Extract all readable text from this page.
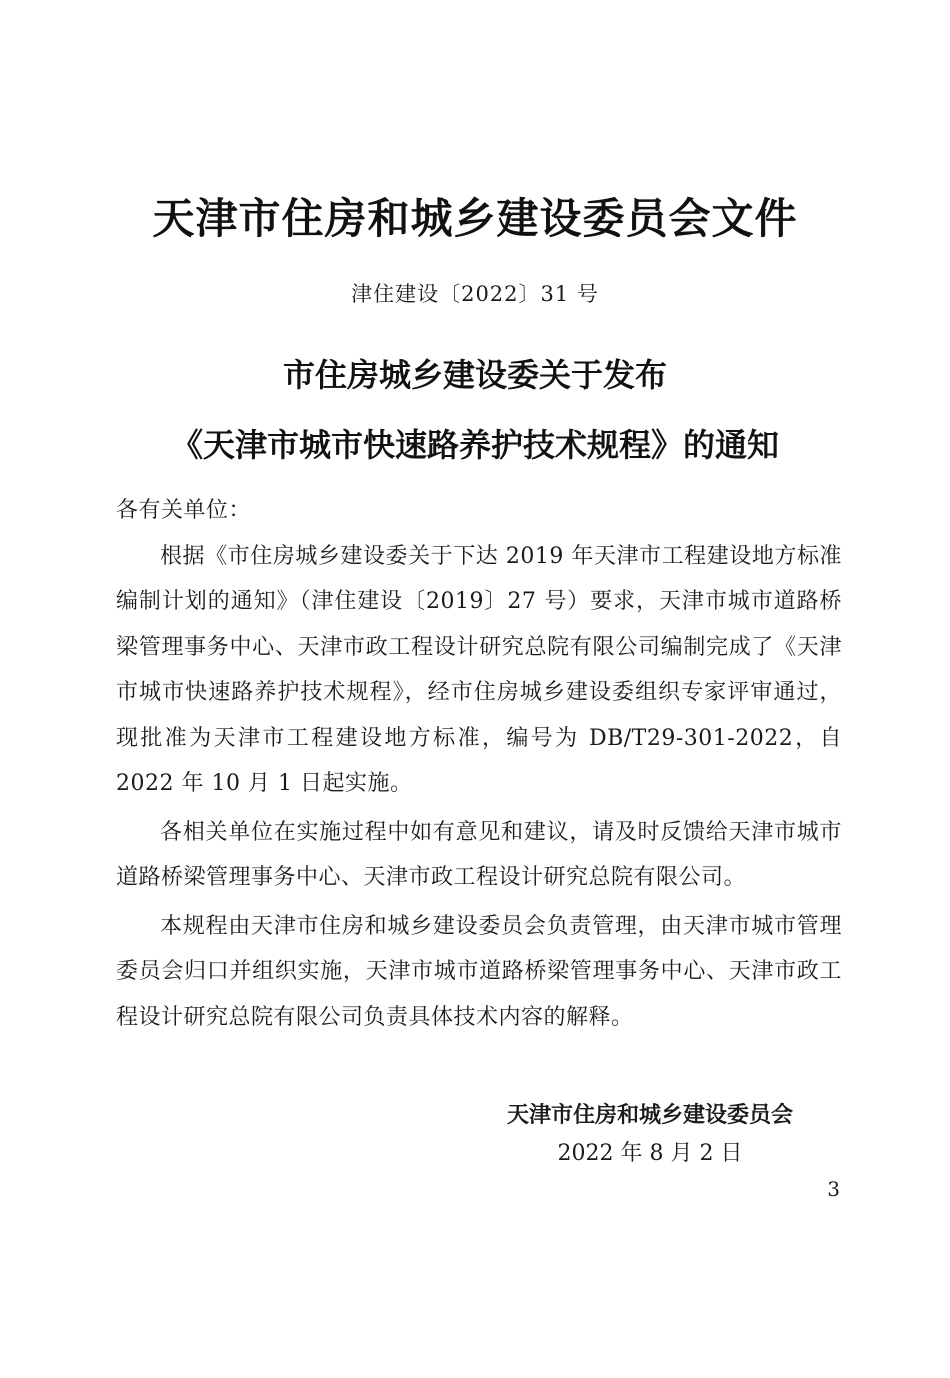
天津市住房和城乡建设委员会文件
津住建设〔2022〕31 号
市住房城乡建设委关于发布
《天津市城市快速路养护技术规程》的通知

各有关单位：

根据《市住房城乡建设委关于下达 2019 年天津市工程建设地方标准编制计划的通知》（津住建设〔2019〕27 号）要求，天津市城市道路桥梁管理事务中心、天津市政工程设计研究总院有限公司编制完成了《天津市城市快速路养护技术规程》，经市住房城乡建设委组织专家评审通过，现批准为天津市工程建设地方标准，编号为 DB/T29-301-2022，自 2022 年 10 月 1 日起实施。

各相关单位在实施过程中如有意见和建议，请及时反馈给天津市城市道路桥梁管理事务中心、天津市政工程设计研究总院有限公司。

本规程由天津市住房和城乡建设委员会负责管理，由天津市城市管理委员会归口并组织实施，天津市城市道路桥梁管理事务中心、天津市政工程设计研究总院有限公司负责具体技术内容的解释。

天津市住房和城乡建设委员会
2022 年 8 月 2 日
3
